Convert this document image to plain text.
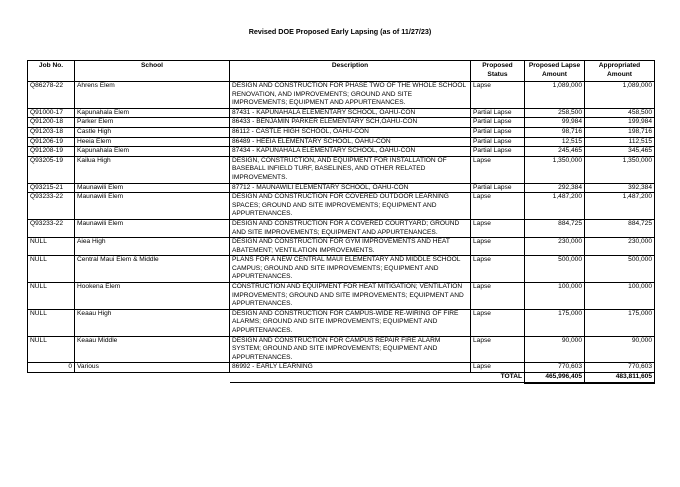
Revised DOE Proposed Early Lapsing (as of 11/27/23)
Job No.	School	Description	Proposed Status	Proposed Lapse Amount	Appropriated Amount
Q86278-22	Ahrens Elem	DESIGN AND CONSTRUCTION FOR PHASE TWO OF THE WHOLE SCHOOL RENOVATION, AND IMPROVEMENTS; GROUND AND SITE IMPROVEMENTS; EQUIPMENT AND APPURTENANCES.	Lapse	1,089,000	1,089,000
Q91000-17	Kapunahala Elem	87431 - KAPUNAHALA ELEMENTARY SCHOOL, OAHU-CON	Partial Lapse	258,500	458,500
Q91200-18	Parker Elem	86433 - BENJAMIN PARKER ELEMENTARY SCH,OAHU-CON	Partial Lapse	99,984	199,984
Q91203-18	Castle High	86112 - CASTLE HIGH SCHOOL, OAHU-CON	Partial Lapse	98,716	198,716
Q91206-19	Heeia Elem	86489 - HEEIA ELEMENTARY SCHOOL, OAHU-CON	Partial Lapse	12,515	112,515
Q91208-19	Kapunahala Elem	87434 - KAPUNAHALA ELEMENTARY SCHOOL, OAHU-CON	Partial Lapse	245,465	345,465
Q93205-19	Kailua High	DESIGN, CONSTRUCTION, AND EQUIPMENT FOR INSTALLATION OF BASEBALL INFIELD TURF, BASELINES, AND OTHER RELATED IMPROVEMENTS.	Lapse	1,350,000	1,350,000
Q93215-21	Maunawili Elem	87712 - MAUNAWILI ELEMENTARY SCHOOL, OAHU-CON	Partial Lapse	292,384	392,384
Q93233-22	Maunawili Elem	DESIGN AND CONSTRUCTION FOR COVERED OUTDOOR LEARNING SPACES; GROUND AND SITE IMPROVEMENTS; EQUIPMENT AND APPURTENANCES.	Lapse	1,487,200	1,487,200
Q93233-22	Maunawili Elem	DESIGN AND CONSTRUCTION FOR A COVERED COURTYARD; GROUND AND SITE IMPROVEMENTS; EQUIPMENT AND APPURTENANCES.	Lapse	884,725	884,725
NULL	Aiea High	DESIGN AND CONSTRUCTION FOR GYM IMPROVEMENTS AND HEAT ABATEMENT; VENTILATION IMPROVEMENTS.	Lapse	230,000	230,000
NULL	Central Maui Elem & Middle	PLANS FOR A NEW CENTRAL MAUI ELEMENTARY AND MIDDLE SCHOOL CAMPUS; GROUND AND SITE IMPROVEMENTS; EQUIPMENT AND APPURTENANCES.	Lapse	500,000	500,000
NULL	Hookena Elem	CONSTRUCTION AND EQUIPMENT FOR HEAT MITIGATION; VENTILATION IMPROVEMENTS; GROUND AND SITE IMPROVEMENTS; EQUIPMENT AND APPURTENANCES.	Lapse	100,000	100,000
NULL	Keaau High	DESIGN AND CONSTRUCTION FOR CAMPUS-WIDE RE-WIRING OF FIRE ALARMS; GROUND AND SITE IMPROVEMENTS; EQUIPMENT AND APPURTENANCES.	Lapse	175,000	175,000
NULL	Keaau Middle	DESIGN AND CONSTRUCTION FOR CAMPUS REPAIR FIRE ALARM SYSTEM; GROUND AND SITE IMPROVEMENTS; EQUIPMENT AND APPURTENANCES.	Lapse	90,000	90,000
0	Various	86992 - EARLY LEARNING	Lapse	770,603	770,603
		TOTAL		465,996,405	483,811,605
